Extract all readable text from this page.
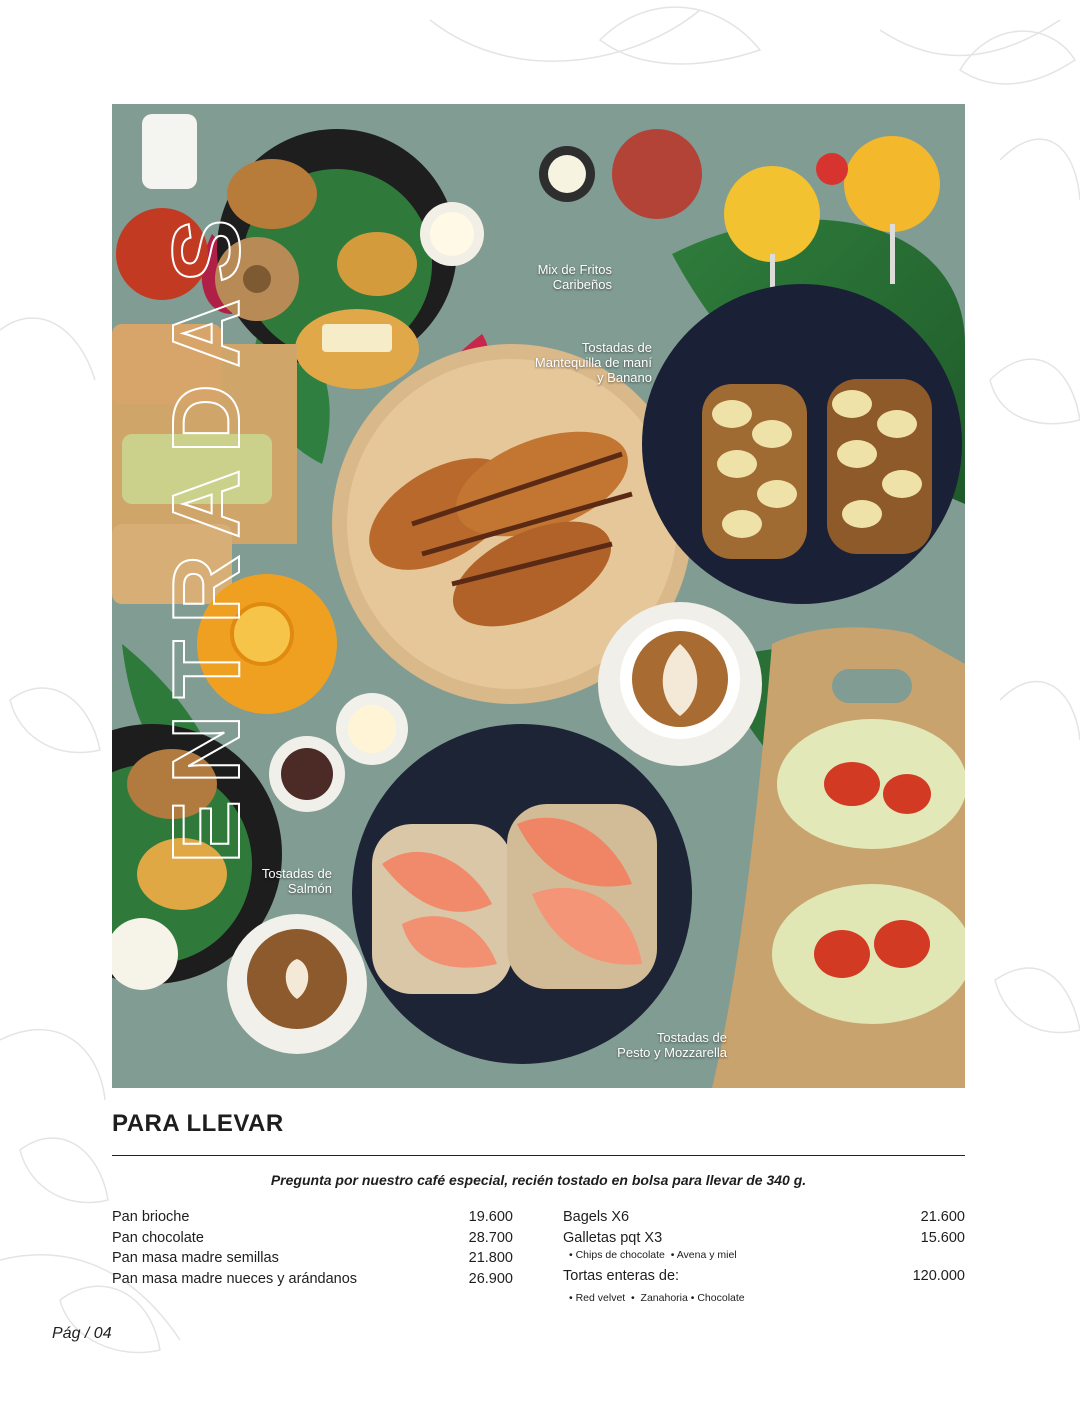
Mix de Fritos
Caribeños
Tostadas de
Mantequilla de maní
y Banano
Tostadas de
Salmón
Tostadas de
Pesto y Mozzarella
ENTRADAS
PARA LLEVAR
Pregunta por nuestro café especial, recién tostado en bolsa para llevar de 340 g.
Pan brioche	19.600
Pan chocolate	28.700
Pan masa madre semillas	21.800
Pan masa madre nueces y arándanos	26.900
Bagels X6	21.600
Galletas pqt X3	15.600
• Chips de chocolate  • Avena y miel
Tortas enteras de:	120.000
• Red velvet  •  Zanahoria • Chocolate
Pág / 04
